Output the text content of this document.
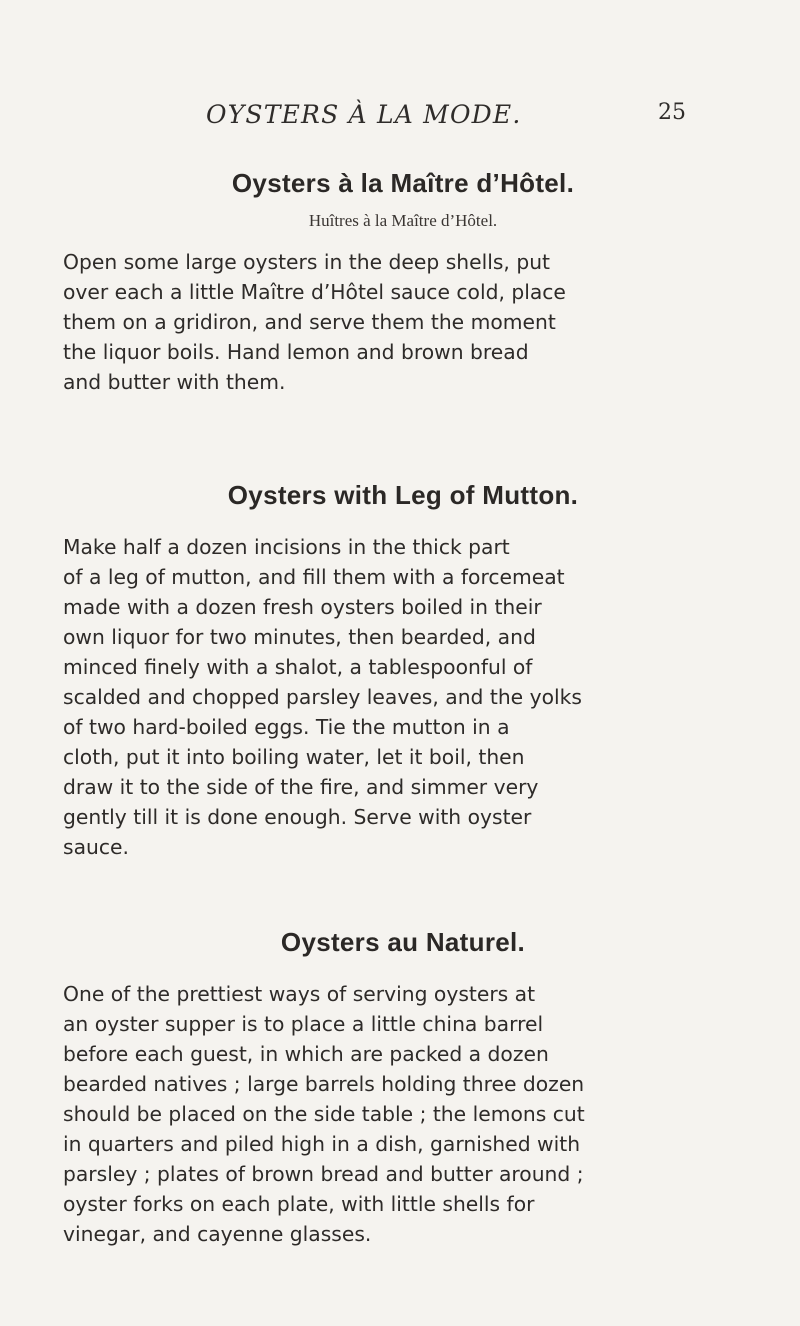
OYSTERS À LA MODE.	25
Oysters à la Maître d’Hôtel.
Huîtres à la Maître d’Hôtel.

Open some large oysters in the deep shells, put
over each a little Maître d’Hôtel sauce cold, place
them on a gridiron, and serve them the moment
the liquor boils. Hand lemon and brown bread
and butter with them.

Oysters with Leg of Mutton.

Make half a dozen incisions in the thick part
of a leg of mutton, and fill them with a forcemeat
made with a dozen fresh oysters boiled in their
own liquor for two minutes, then bearded, and
minced finely with a shalot, a tablespoonful of
scalded and chopped parsley leaves, and the yolks
of two hard-boiled eggs. Tie the mutton in a
cloth, put it into boiling water, let it boil, then
draw it to the side of the fire, and simmer very
gently till it is done enough. Serve with oyster
sauce.

Oysters au Naturel.

One of the prettiest ways of serving oysters at
an oyster supper is to place a little china barrel
before each guest, in which are packed a dozen
bearded natives ; large barrels holding three dozen
should be placed on the side table ; the lemons cut
in quarters and piled high in a dish, garnished with
parsley ; plates of brown bread and butter around ;
oyster forks on each plate, with little shells for
vinegar, and cayenne glasses.
